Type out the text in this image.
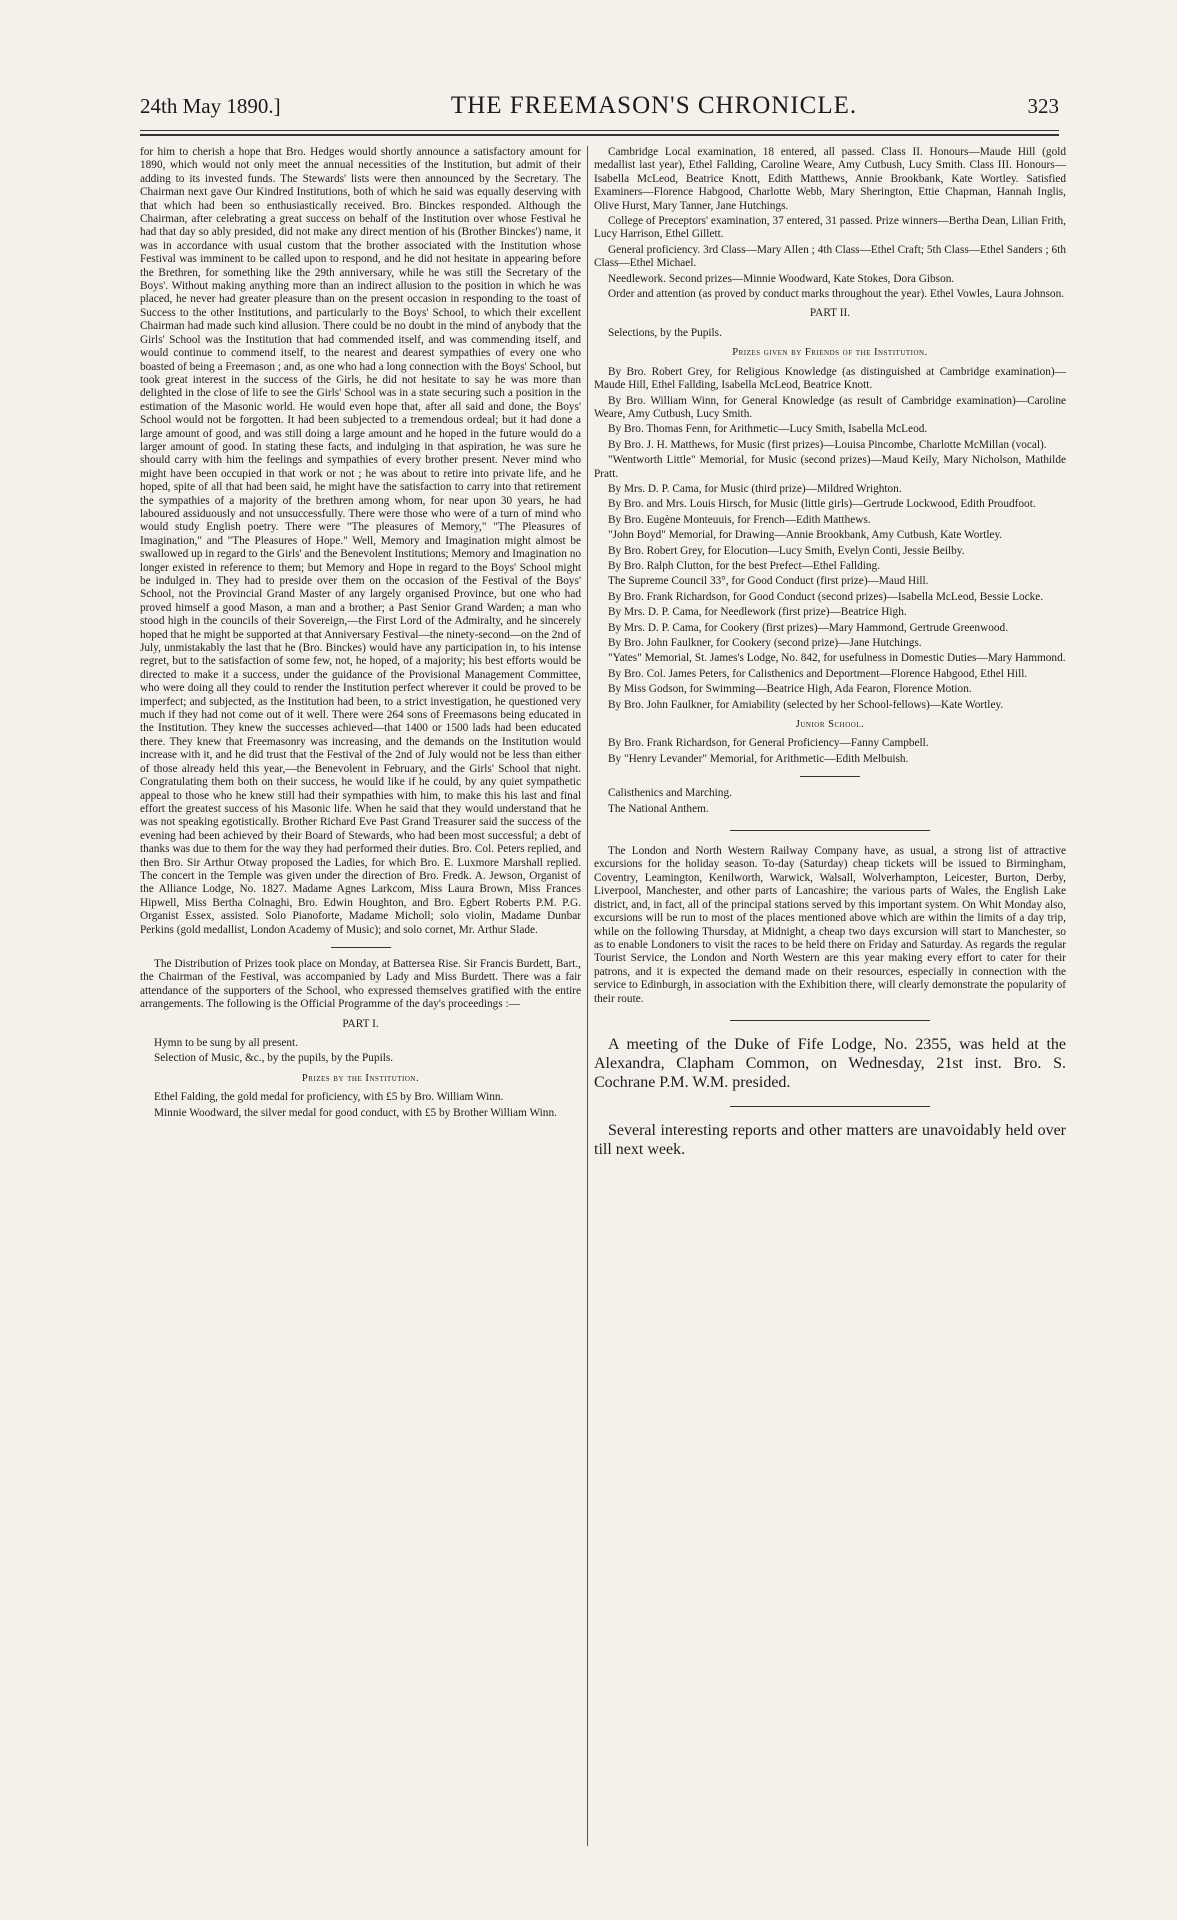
24th May 1890.]	THE FREEMASON'S CHRONICLE.	323

for him to cherish a hope that Bro. Hedges would shortly announce a satisfactory amount for 1890, which would not only meet the annual necessities of the Institution, but admit of their adding to its invested funds. The Stewards' lists were then announced by the Secretary. The Chairman next gave Our Kindred Institutions, both of which he said was equally deserving with that which had been so enthusiastically received. Bro. Binckes responded. Although the Chairman, after celebrating a great success on behalf of the Institution over whose Festival he had that day so ably presided, did not make any direct mention of his (Brother Binckes') name, it was in accordance with usual custom that the brother associated with the Institution whose Festival was imminent to be called upon to respond, and he did not hesitate in appearing before the Brethren, for something like the 29th anniversary, while he was still the Secretary of the Boys'. Without making anything more than an indirect allusion to the position in which he was placed, he never had greater pleasure than on the present occasion in responding to the toast of Success to the other Institutions, and particularly to the Boys' School, to which their excellent Chairman had made such kind allusion. There could be no doubt in the mind of anybody that the Girls' School was the Institution that had commended itself, and was commending itself, and would continue to commend itself, to the nearest and dearest sympathies of every one who boasted of being a Freemason ; and, as one who had a long connection with the Boys' School, but took great interest in the success of the Girls, he did not hesitate to say he was more than delighted in the close of life to see the Girls' School was in a state securing such a position in the estimation of the Masonic world. He would even hope that, after all said and done, the Boys' School would not be forgotten. It had been subjected to a tremendous ordeal; but it had done a large amount of good, and was still doing a large amount and he hoped in the future would do a larger amount of good. In stating these facts, and indulging in that aspiration, he was sure he should carry with him the feelings and sympathies of every brother present. Never mind who might have been occupied in that work or not ; he was about to retire into private life, and he hoped, spite of all that had been said, he might have the satisfaction to carry into that retirement the sympathies of a majority of the brethren among whom, for near upon 30 years, he had laboured assiduously and not unsuccessfully. There were those who were of a turn of mind who would study English poetry. There were "The pleasures of Memory," "The Pleasures of Imagination," and "The Pleasures of Hope." Well, Memory and Imagination might almost be swallowed up in regard to the Girls' and the Benevolent Institutions; Memory and Imagination no longer existed in reference to them; but Memory and Hope in regard to the Boys' School might be indulged in. They had to preside over them on the occasion of the Festival of the Boys' School, not the Provincial Grand Master of any largely organised Province, but one who had proved himself a good Mason, a man and a brother; a Past Senior Grand Warden; a man who stood high in the councils of their Sovereign,—the First Lord of the Admiralty, and he sincerely hoped that he might be supported at that Anniversary Festival—the ninety-second—on the 2nd of July, unmistakably the last that he (Bro. Binckes) would have any participation in, to his intense regret, but to the satisfaction of some few, not, he hoped, of a majority; his best efforts would be directed to make it a success, under the guidance of the Provisional Management Committee, who were doing all they could to render the Institution perfect wherever it could be proved to be imperfect; and subjected, as the Institution had been, to a strict investigation, he questioned very much if they had not come out of it well. There were 264 sons of Freemasons being educated in the Institution. They knew the successes achieved—that 1400 or 1500 lads had been educated there. They knew that Freemasonry was increasing, and the demands on the Institution would increase with it, and he did trust that the Festival of the 2nd of July would not be less than either of those already held this year,—the Benevolent in February, and the Girls' School that night. Congratulating them both on their success, he would like if he could, by any quiet sympathetic appeal to those who he knew still had their sympathies with him, to make this his last and final effort the greatest success of his Masonic life. When he said that they would understand that he was not speaking egotistically. Brother Richard Eve Past Grand Treasurer said the success of the evening had been achieved by their Board of Stewards, who had been most successful; a debt of thanks was due to them for the way they had performed their duties. Bro. Col. Peters replied, and then Bro. Sir Arthur Otway proposed the Ladies, for which Bro. E. Luxmore Marshall replied. The concert in the Temple was given under the direction of Bro. Fredk. A. Jewson, Organist of the Alliance Lodge, No. 1827. Madame Agnes Larkcom, Miss Laura Brown, Miss Frances Hipwell, Miss Bertha Colnaghi, Bro. Edwin Houghton, and Bro. Egbert Roberts P.M. P.G. Organist Essex, assisted. Solo Pianoforte, Madame Micholl; solo violin, Madame Dunbar Perkins (gold medallist, London Academy of Music); and solo cornet, Mr. Arthur Slade.

The Distribution of Prizes took place on Monday, at Battersea Rise. Sir Francis Burdett, Bart., the Chairman of the Festival, was accompanied by Lady and Miss Burdett. There was a fair attendance of the supporters of the School, who expressed themselves gratified with the entire arrangements. The following is the Official Programme of the day's proceedings :—

PART I.

Hymn to be sung by all present.

Selection of Music, &c., by the pupils, by the Pupils.

Prizes by the Institution.

Ethel Falding, the gold medal for proficiency, with £5 by Bro. William Winn.

Minnie Woodward, the silver medal for good conduct, with £5 by Brother William Winn.

Cambridge Local examination, 18 entered, all passed. Class II. Honours—Maude Hill (gold medallist last year), Ethel Fallding, Caroline Weare, Amy Cutbush, Lucy Smith. Class III. Honours—Isabella McLeod, Beatrice Knott, Edith Matthews, Annie Brookbank, Kate Wortley. Satisfied Examiners—Florence Habgood, Charlotte Webb, Mary Sherington, Ettie Chapman, Hannah Inglis, Olive Hurst, Mary Tanner, Jane Hutchings.

College of Preceptors' examination, 37 entered, 31 passed. Prize winners—Bertha Dean, Lilian Frith, Lucy Harrison, Ethel Gillett.

General proficiency. 3rd Class—Mary Allen ; 4th Class—Ethel Craft; 5th Class—Ethel Sanders ; 6th Class—Ethel Michael.

Needlework. Second prizes—Minnie Woodward, Kate Stokes, Dora Gibson.

Order and attention (as proved by conduct marks throughout the year). Ethel Vowles, Laura Johnson.

PART II.

Selections, by the Pupils.

Prizes given by Friends of the Institution.

By Bro. Robert Grey, for Religious Knowledge (as distinguished at Cambridge examination)—Maude Hill, Ethel Fallding, Isabella McLeod, Beatrice Knott.

By Bro. William Winn, for General Knowledge (as result of Cambridge examination)—Caroline Weare, Amy Cutbush, Lucy Smith.

By Bro. Thomas Fenn, for Arithmetic—Lucy Smith, Isabella McLeod.

By Bro. J. H. Matthews, for Music (first prizes)—Louisa Pincombe, Charlotte McMillan (vocal).

"Wentworth Little" Memorial, for Music (second prizes)—Maud Keily, Mary Nicholson, Mathilde Pratt.

By Mrs. D. P. Cama, for Music (third prize)—Mildred Wrighton.

By Bro. and Mrs. Louis Hirsch, for Music (little girls)—Gertrude Lockwood, Edith Proudfoot.

By Bro. Eugène Monteuuis, for French—Edith Matthews.

"John Boyd" Memorial, for Drawing—Annie Brookbank, Amy Cutbush, Kate Wortley.

By Bro. Robert Grey, for Elocution—Lucy Smith, Evelyn Conti, Jessie Beilby.

By Bro. Ralph Clutton, for the best Prefect—Ethel Fallding.

The Supreme Council 33°, for Good Conduct (first prize)—Maud Hill.

By Bro. Frank Richardson, for Good Conduct (second prizes)—Isabella McLeod, Bessie Locke.

By Mrs. D. P. Cama, for Needlework (first prize)—Beatrice High.

By Mrs. D. P. Cama, for Cookery (first prizes)—Mary Hammond, Gertrude Greenwood.

By Bro. John Faulkner, for Cookery (second prize)—Jane Hutchings.

"Yates" Memorial, St. James's Lodge, No. 842, for usefulness in Domestic Duties—Mary Hammond.

By Bro. Col. James Peters, for Calisthenics and Deportment—Florence Habgood, Ethel Hill.

By Miss Godson, for Swimming—Beatrice High, Ada Fearon, Florence Motion.

By Bro. John Faulkner, for Amiability (selected by her School-fellows)—Kate Wortley.

Junior School.

By Bro. Frank Richardson, for General Proficiency—Fanny Campbell.

By "Henry Levander" Memorial, for Arithmetic—Edith Melbuish.

Calisthenics and Marching.

The National Anthem.

The London and North Western Railway Company have, as usual, a strong list of attractive excursions for the holiday season. To-day (Saturday) cheap tickets will be issued to Birmingham, Coventry, Leamington, Kenilworth, Warwick, Walsall, Wolverhampton, Leicester, Burton, Derby, Liverpool, Manchester, and other parts of Lancashire; the various parts of Wales, the English Lake district, and, in fact, all of the principal stations served by this important system. On Whit Monday also, excursions will be run to most of the places mentioned above which are within the limits of a day trip, while on the following Thursday, at Midnight, a cheap two days excursion will start to Manchester, so as to enable Londoners to visit the races to be held there on Friday and Saturday. As regards the regular Tourist Service, the London and North Western are this year making every effort to cater for their patrons, and it is expected the demand made on their resources, especially in connection with the service to Edinburgh, in association with the Exhibition there, will clearly demonstrate the popularity of their route.

A meeting of the Duke of Fife Lodge, No. 2355, was held at the Alexandra, Clapham Common, on Wednesday, 21st inst. Bro. S. Cochrane P.M. W.M. presided.

Several interesting reports and other matters are unavoidably held over till next week.
